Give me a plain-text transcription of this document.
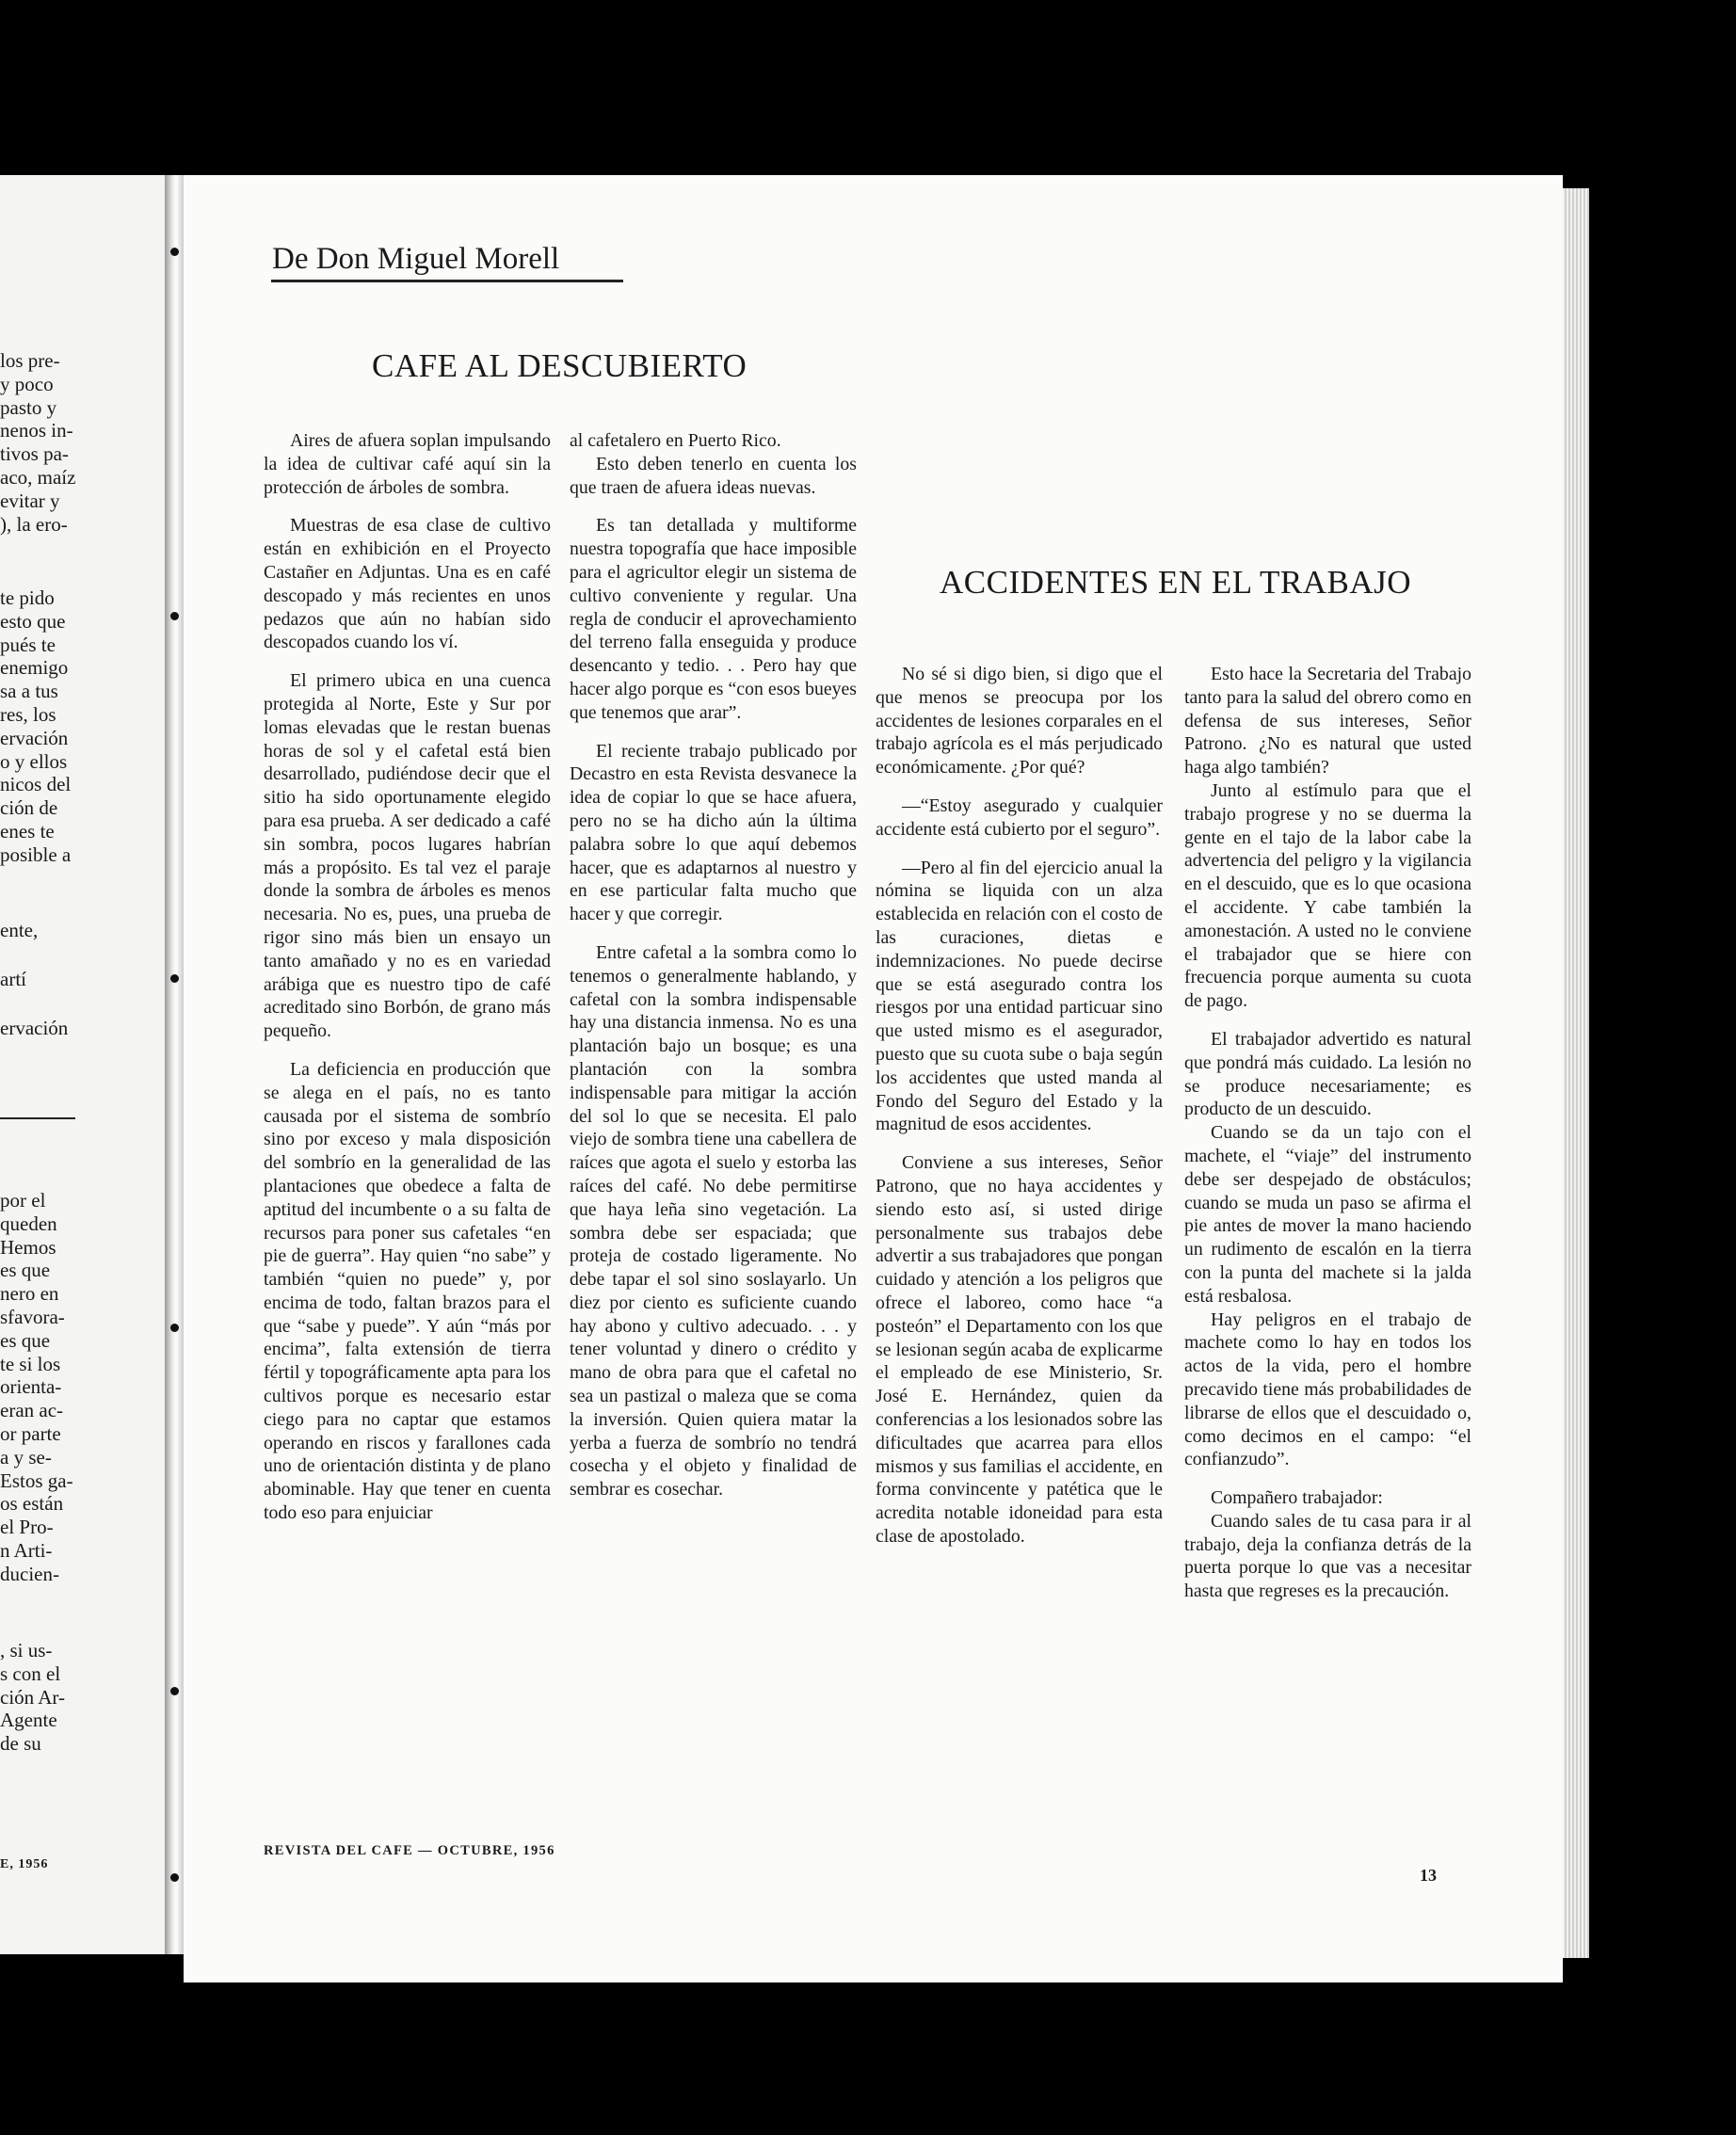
los pre-
y poco
pasto y
nenos in-
tivos pa-
aco, maíz
evitar y
), la ero-
te pido
esto que
pués te
enemigo
sa a tus
res, los
ervación
o y ellos
nicos del
ción de
enes te
posible a
ente,
artí
ervación
por el
queden
Hemos
es que
nero en
sfavora-
es que
te si los
orienta-
eran ac-
or parte
a y se-
Estos ga-
os están
el Pro-
n Arti-
ducien-
, si us-
s con el
ción Ar-
Agente
de su
E, 1956
De Don Miguel Morell
CAFE AL DESCUBIERTO

Aires de afuera soplan impulsando la idea de cultivar café aquí sin la protección de árboles de sombra.

Muestras de esa clase de cultivo están en exhibición en el Proyecto Castañer en Adjuntas. Una es en café descopado y más recientes en unos pedazos que aún no habían sido descopados cuando los ví.

El primero ubica en una cuenca protegida al Norte, Este y Sur por lomas elevadas que le restan buenas horas de sol y el cafetal está bien desarrollado, pudiéndose decir que el sitio ha sido oportunamente elegido para esa prueba. A ser dedicado a café sin sombra, pocos lugares habrían más a propósito. Es tal vez el paraje donde la sombra de árboles es menos necesaria. No es, pues, una prueba de rigor sino más bien un ensayo un tanto amañado y no es en variedad arábiga que es nuestro tipo de café acreditado sino Borbón, de grano más pequeño.

La deficiencia en producción que se alega en el país, no es tanto causada por el sistema de sombrío sino por exceso y mala disposición del sombrío en la generalidad de las plantaciones que obedece a falta de aptitud del incumbente o a su falta de recursos para poner sus cafetales “en pie de guerra”. Hay quien “no sabe” y también “quien no puede” y, por encima de todo, faltan brazos para el que “sabe y puede”. Y aún “más por encima”, falta extensión de tierra fértil y topográficamente apta para los cultivos porque es necesario estar ciego para no captar que estamos operando en riscos y farallones cada uno de orientación distinta y de plano abominable. Hay que tener en cuenta todo eso para enjuiciar

al cafetalero en Puerto Rico.

Esto deben tenerlo en cuenta los que traen de afuera ideas nuevas.

Es tan detallada y multiforme nuestra topografía que hace imposible para el agricultor elegir un sistema de cultivo conveniente y regular. Una regla de conducir el aprovechamiento del terreno falla enseguida y produce desencanto y tedio. . . Pero hay que hacer algo porque es “con esos bueyes que tenemos que arar”.

El reciente trabajo publicado por Decastro en esta Revista desvanece la idea de copiar lo que se hace afuera, pero no se ha dicho aún la última palabra sobre lo que aquí debemos hacer, que es adaptarnos al nuestro y en ese particular falta mucho que hacer y que corregir.

Entre cafetal a la sombra como lo tenemos o generalmente hablando, y cafetal con la sombra indispensable hay una distancia inmensa. No es una plantación bajo un bosque; es una plantación con la sombra indispensable para mitigar la acción del sol lo que se necesita. El palo viejo de sombra tiene una cabellera de raíces que agota el suelo y estorba las raíces del café. No debe permitirse que haya leña sino vegetación. La sombra debe ser espaciada; que proteja de costado ligeramente. No debe tapar el sol sino soslayarlo. Un diez por ciento es suficiente cuando hay abono y cultivo adecuado. . . y tener voluntad y dinero o crédito y mano de obra para que el cafetal no sea un pastizal o maleza que se coma la inversión. Quien quiera matar la yerba a fuerza de sombrío no tendrá cosecha y el objeto y finalidad de sembrar es cosechar.

ACCIDENTES EN EL TRABAJO

No sé si digo bien, si digo que el que menos se preocupa por los accidentes de lesiones corparales en el trabajo agrícola es el más perjudicado económicamente. ¿Por qué?

—“Estoy asegurado y cualquier accidente está cubierto por el seguro”.

—Pero al fin del ejercicio anual la nómina se liquida con un alza establecida en relación con el costo de las curaciones, dietas e indemnizaciones. No puede decirse que se está asegurado contra los riesgos por una entidad particuar sino que usted mismo es el asegurador, puesto que su cuota sube o baja según los accidentes que usted manda al Fondo del Seguro del Estado y la magnitud de esos accidentes.

Conviene a sus intereses, Señor Patrono, que no haya accidentes y siendo esto así, si usted dirige personalmente sus trabajos debe advertir a sus trabajadores que pongan cuidado y atención a los peligros que ofrece el laboreo, como hace “a posteón” el Departamento con los que se lesionan según acaba de explicarme el empleado de ese Ministerio, Sr. José E. Hernández, quien da conferencias a los lesionados sobre las dificultades que acarrea para ellos mismos y sus familias el accidente, en forma convincente y patética que le acredita notable idoneidad para esta clase de apostolado.

Esto hace la Secretaria del Trabajo tanto para la salud del obrero como en defensa de sus intereses, Señor Patrono. ¿No es natural que usted haga algo también?

Junto al estímulo para que el trabajo progrese y no se duerma la gente en el tajo de la labor cabe la advertencia del peligro y la vigilancia en el descuido, que es lo que ocasiona el accidente. Y cabe también la amonestación. A usted no le conviene el trabajador que se hiere con frecuencia porque aumenta su cuota de pago.

El trabajador advertido es natural que pondrá más cuidado. La lesión no se produce necesariamente; es producto de un descuido.

Cuando se da un tajo con el machete, el “viaje” del instrumento debe ser despejado de obstáculos; cuando se muda un paso se afirma el pie antes de mover la mano haciendo un rudimento de escalón en la tierra con la punta del machete si la jalda está resbalosa.

Hay peligros en el trabajo de machete como lo hay en todos los actos de la vida, pero el hombre precavido tiene más probabilidades de librarse de ellos que el descuidado o, como decimos en el campo: “el confianzudo”.

Compañero trabajador:

Cuando sales de tu casa para ir al trabajo, deja la confianza detrás de la puerta porque lo que vas a necesitar hasta que regreses es la precaución.

REVISTA DEL CAFE — OCTUBRE, 1956
13
